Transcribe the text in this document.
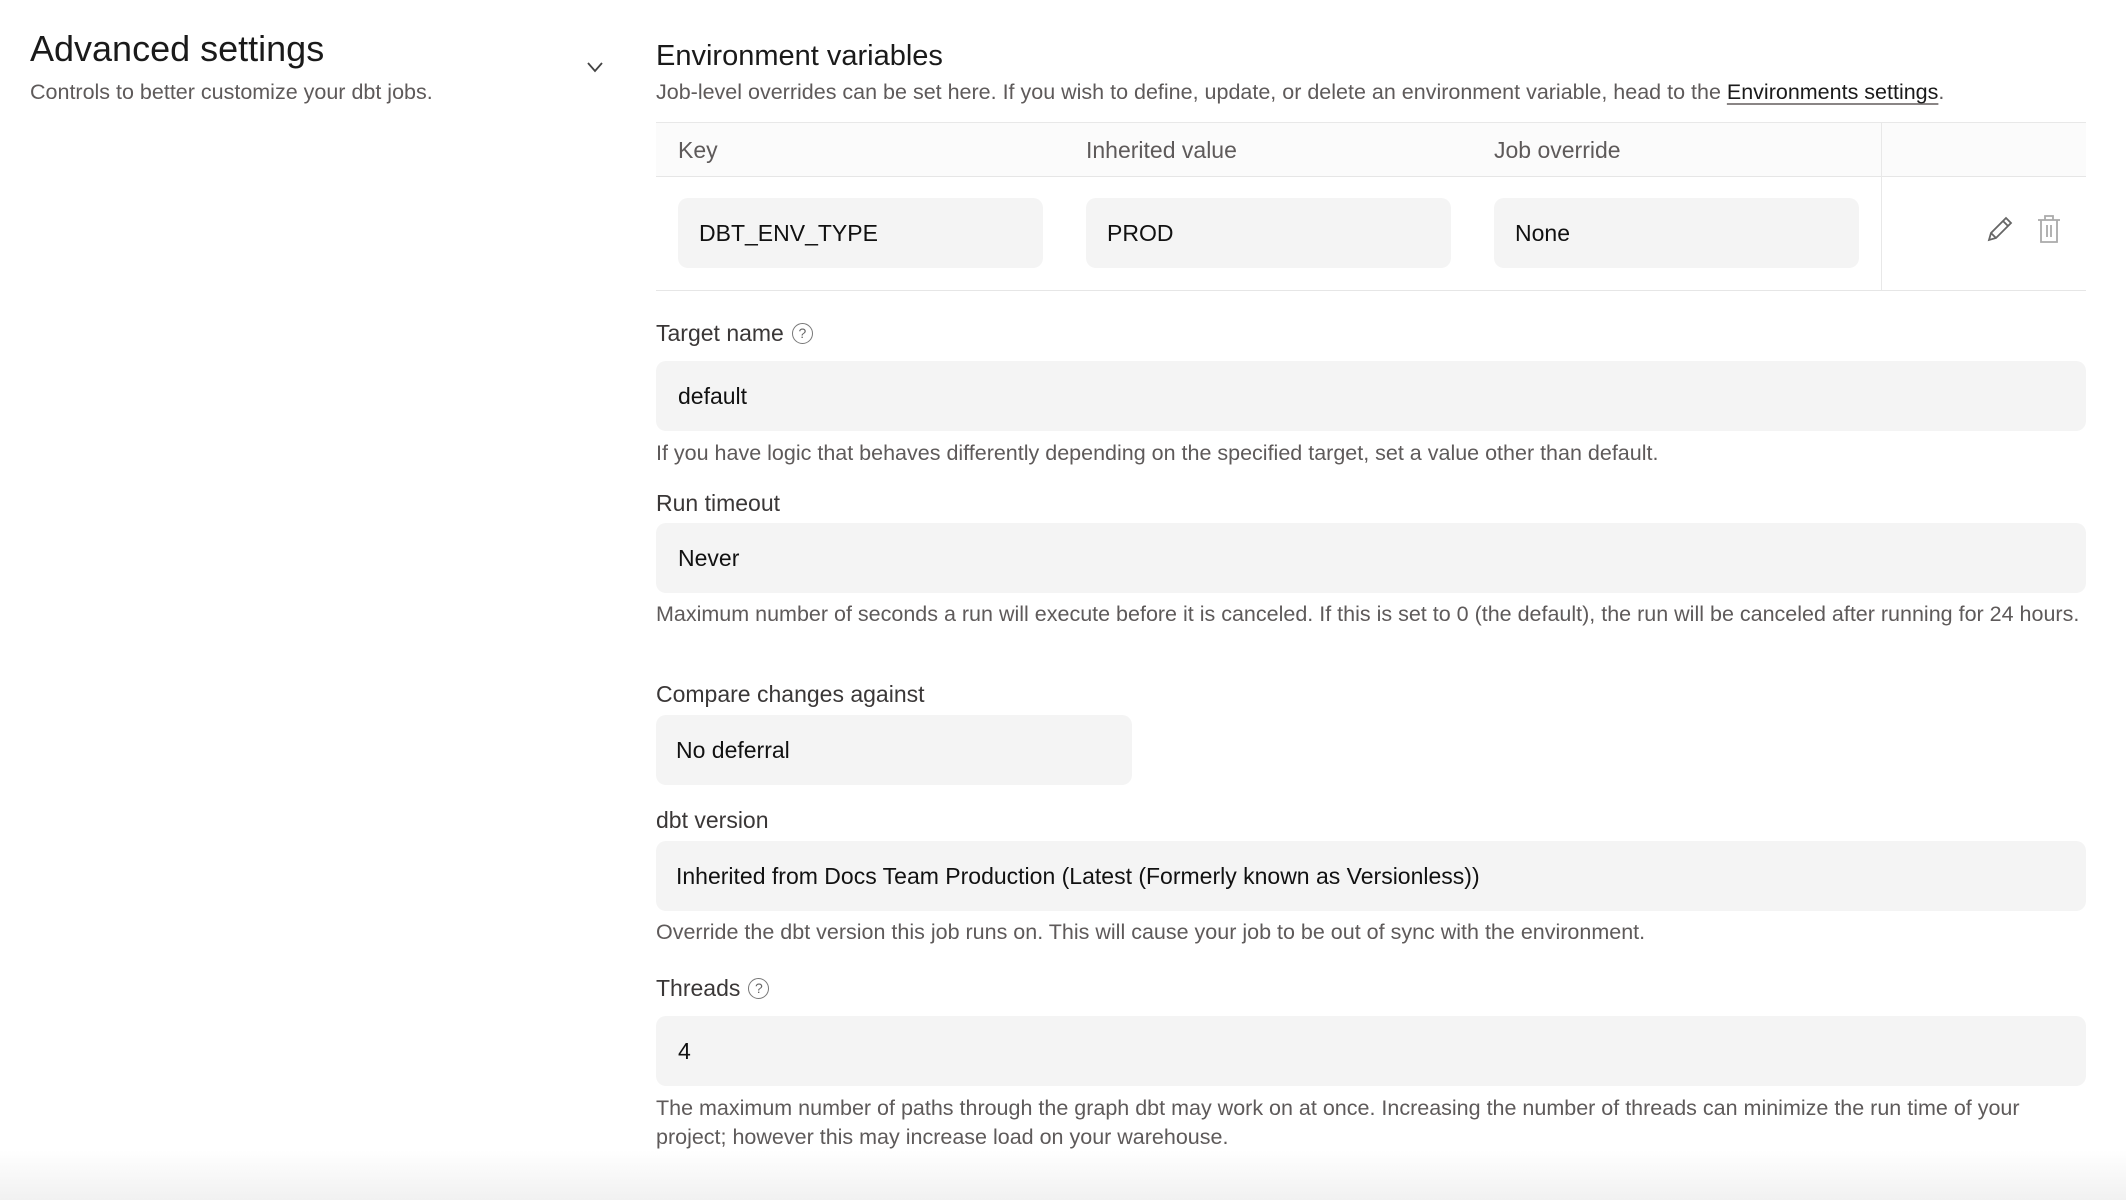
Advanced settings
Controls to better customize your dbt jobs.
Environment variables
Job-level overrides can be set here. If you wish to define, update, or delete an environment variable, head to the Environments settings.
Key	Inherited value	Job override
DBT_ENV_TYPE	PROD	None
Target name	?
default
If you have logic that behaves differently depending on the specified target, set a value other than default.
Run timeout
Never
Maximum number of seconds a run will execute before it is canceled. If this is set to 0 (the default), the run will be canceled after running for 24 hours.
Compare changes against
No deferral
dbt version
Inherited from Docs Team Production (Latest (Formerly known as Versionless))
Override the dbt version this job runs on. This will cause your job to be out of sync with the environment.
Threads	?
4
The maximum number of paths through the graph dbt may work on at once. Increasing the number of threads can minimize the run time of your project; however this may increase load on your warehouse.
